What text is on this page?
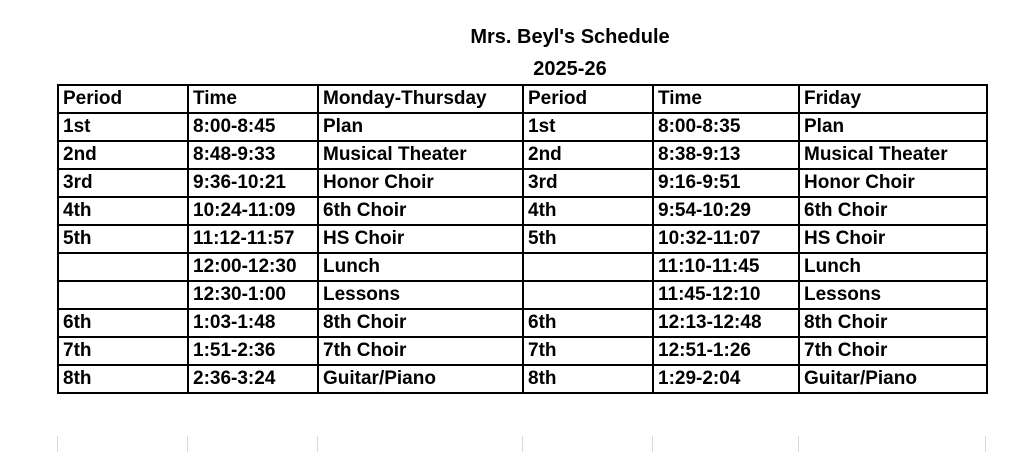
Mrs. Beyl's Schedule
2025-26
Period	Time	Monday-Thursday	Period	Time	Friday
1st	8:00-8:45	Plan	1st	8:00-8:35	Plan
2nd	8:48-9:33	Musical Theater	2nd	8:38-9:13	Musical Theater
3rd	9:36-10:21	Honor Choir	3rd	9:16-9:51	Honor Choir
4th	10:24-11:09	6th Choir	4th	9:54-10:29	6th Choir
5th	11:12-11:57	HS Choir	5th	10:32-11:07	HS Choir
	12:00-12:30	Lunch		11:10-11:45	Lunch
	12:30-1:00	Lessons		11:45-12:10	Lessons
6th	1:03-1:48	8th Choir	6th	12:13-12:48	8th Choir
7th	1:51-2:36	7th Choir	7th	12:51-1:26	7th Choir
8th	2:36-3:24	Guitar/Piano	8th	1:29-2:04	Guitar/Piano
